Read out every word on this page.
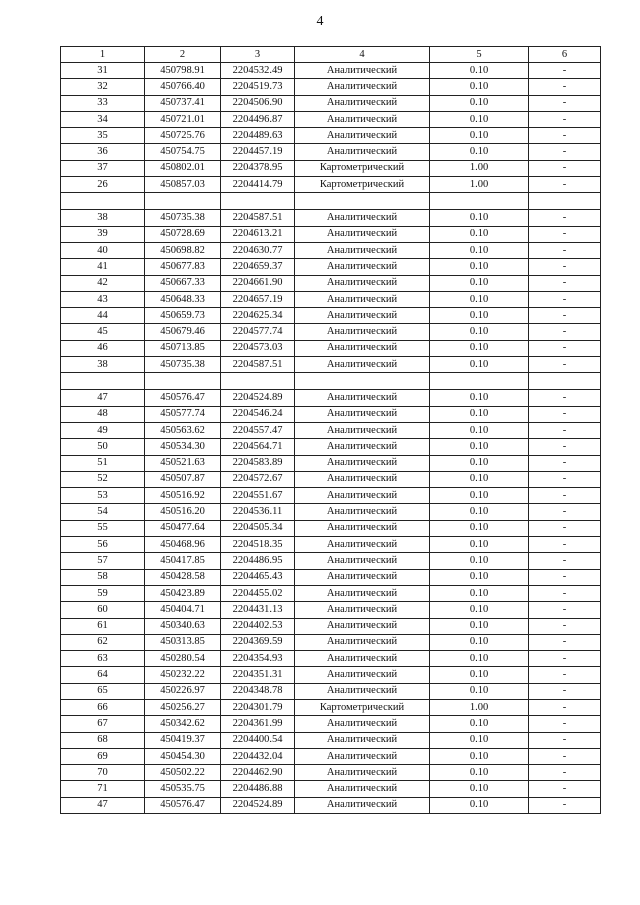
4
1	2	3	4	5	6
31	450798.91	2204532.49	Аналитический	0.10	-
32	450766.40	2204519.73	Аналитический	0.10	-
33	450737.41	2204506.90	Аналитический	0.10	-
34	450721.01	2204496.87	Аналитический	0.10	-
35	450725.76	2204489.63	Аналитический	0.10	-
36	450754.75	2204457.19	Аналитический	0.10	-
37	450802.01	2204378.95	Картометрический	1.00	-
26	450857.03	2204414.79	Картометрический	1.00	-

38	450735.38	2204587.51	Аналитический	0.10	-
39	450728.69	2204613.21	Аналитический	0.10	-
40	450698.82	2204630.77	Аналитический	0.10	-
41	450677.83	2204659.37	Аналитический	0.10	-
42	450667.33	2204661.90	Аналитический	0.10	-
43	450648.33	2204657.19	Аналитический	0.10	-
44	450659.73	2204625.34	Аналитический	0.10	-
45	450679.46	2204577.74	Аналитический	0.10	-
46	450713.85	2204573.03	Аналитический	0.10	-
38	450735.38	2204587.51	Аналитический	0.10	-

47	450576.47	2204524.89	Аналитический	0.10	-
48	450577.74	2204546.24	Аналитический	0.10	-
49	450563.62	2204557.47	Аналитический	0.10	-
50	450534.30	2204564.71	Аналитический	0.10	-
51	450521.63	2204583.89	Аналитический	0.10	-
52	450507.87	2204572.67	Аналитический	0.10	-
53	450516.92	2204551.67	Аналитический	0.10	-
54	450516.20	2204536.11	Аналитический	0.10	-
55	450477.64	2204505.34	Аналитический	0.10	-
56	450468.96	2204518.35	Аналитический	0.10	-
57	450417.85	2204486.95	Аналитический	0.10	-
58	450428.58	2204465.43	Аналитический	0.10	-
59	450423.89	2204455.02	Аналитический	0.10	-
60	450404.71	2204431.13	Аналитический	0.10	-
61	450340.63	2204402.53	Аналитический	0.10	-
62	450313.85	2204369.59	Аналитический	0.10	-
63	450280.54	2204354.93	Аналитический	0.10	-
64	450232.22	2204351.31	Аналитический	0.10	-
65	450226.97	2204348.78	Аналитический	0.10	-
66	450256.27	2204301.79	Картометрический	1.00	-
67	450342.62	2204361.99	Аналитический	0.10	-
68	450419.37	2204400.54	Аналитический	0.10	-
69	450454.30	2204432.04	Аналитический	0.10	-
70	450502.22	2204462.90	Аналитический	0.10	-
71	450535.75	2204486.88	Аналитический	0.10	-
47	450576.47	2204524.89	Аналитический	0.10	-
